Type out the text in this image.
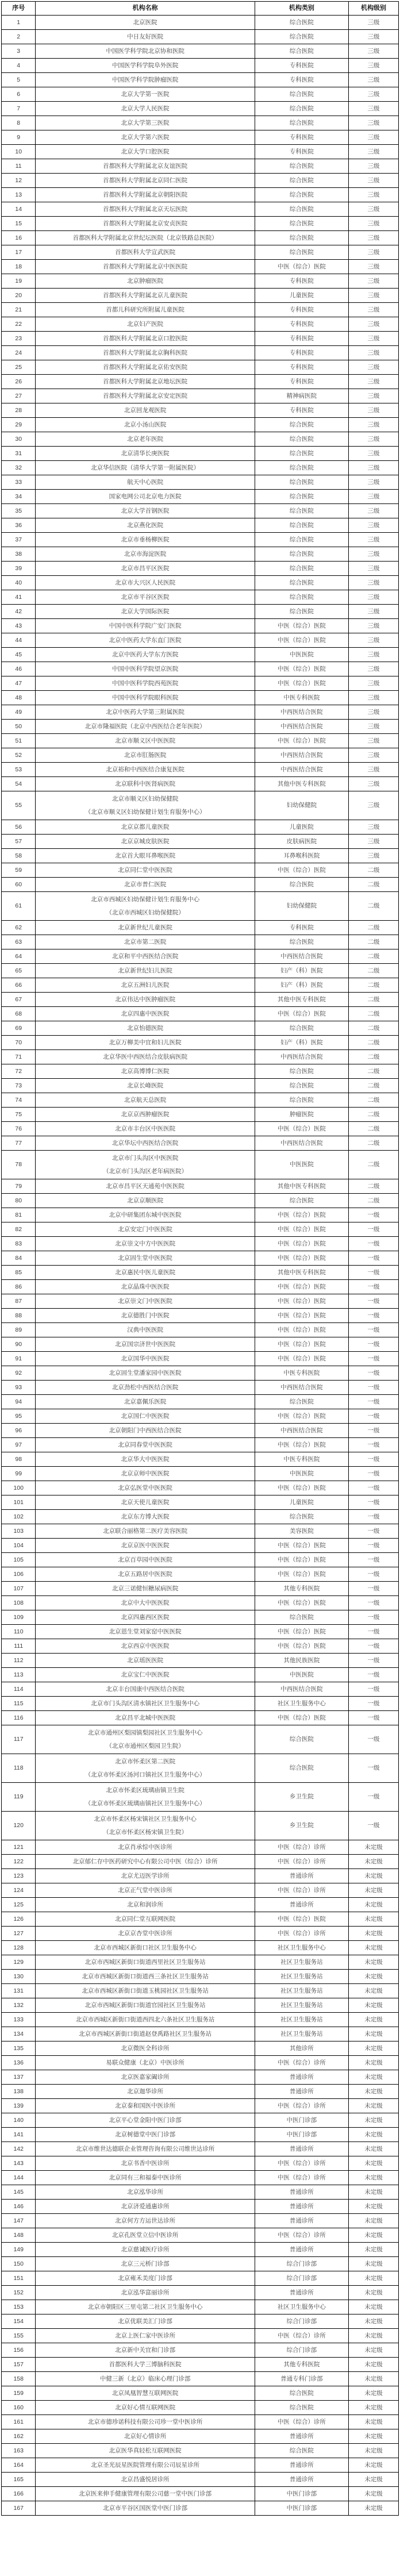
序号	机构名称	机构类别	机构级别
1	北京医院	综合医院	三级
2	中日友好医院	综合医院	三级
3	中国医学科学院北京协和医院	综合医院	三级
4	中国医学科学院阜外医院	专科医院	三级
5	中国医学科学院肿瘤医院	专科医院	三级
6	北京大学第一医院	综合医院	三级
7	北京大学人民医院	综合医院	三级
8	北京大学第三医院	综合医院	三级
9	北京大学第六医院	专科医院	三级
10	北京大学口腔医院	专科医院	三级
11	首都医科大学附属北京友谊医院	综合医院	三级
12	首都医科大学附属北京同仁医院	综合医院	三级
13	首都医科大学附属北京朝阳医院	综合医院	三级
14	首都医科大学附属北京天坛医院	综合医院	三级
15	首都医科大学附属北京安贞医院	综合医院	三级
16	首都医科大学附属北京世纪坛医院（北京铁路总医院）	综合医院	三级
17	首都医科大学宣武医院	综合医院	三级
18	首都医科大学附属北京中医医院	中医（综合）医院	三级
19	北京肿瘤医院	专科医院	三级
20	首都医科大学附属北京儿童医院	儿童医院	三级
21	首都儿科研究所附属儿童医院	专科医院	三级
22	北京妇产医院	专科医院	三级
23	首都医科大学附属北京口腔医院	专科医院	三级
24	首都医科大学附属北京胸科医院	专科医院	三级
25	首都医科大学附属北京佑安医院	专科医院	三级
26	首都医科大学附属北京地坛医院	专科医院	三级
27	首都医科大学附属北京安定医院	精神病医院	三级
28	北京回龙观医院	专科医院	三级
29	北京小汤山医院	综合医院	三级
30	北京老年医院	综合医院	三级
31	北京清华长庚医院	综合医院	三级
32	北京华信医院（清华大学第一附属医院）	综合医院	三级
33	航天中心医院	综合医院	三级
34	国家电网公司北京电力医院	综合医院	三级
35	北京大学首钢医院	综合医院	三级
36	北京燕化医院	综合医院	三级
37	北京市垂杨柳医院	综合医院	三级
38	北京市海淀医院	综合医院	三级
39	北京市昌平区医院	综合医院	三级
40	北京市大兴区人民医院	综合医院	三级
41	北京市平谷区医院	综合医院	三级
42	北京大学国际医院	综合医院	三级
43	中国中医科学院广安门医院	中医（综合）医院	三级
44	北京中医药大学东直门医院	中医（综合）医院	三级
45	北京中医药大学东方医院	中医医院	三级
46	中国中医科学院望京医院	中医（综合）医院	三级
47	中国中医科学院西苑医院	中医（综合）医院	三级
48	中国中医科学院眼科医院	中医专科医院	三级
49	北京中医药大学第三附属医院	中西医结合医院	三级
50	北京市隆福医院（北京中西医结合老年医院）	中西医结合医院	三级
51	北京市顺义区中医医院	中医（综合）医院	三级
52	北京市肛肠医院	中西医结合医院	三级
53	北京裕和中西医结合康复医院	中西医结合医院	三级
54	北京联科中医肾病医院	其他中医专科医院	三级
55	北京市顺义区妇幼保健院
（北京市顺义区妇幼保健计划生育服务中心）	妇幼保健院	三级
56	北京京都儿童医院	儿童医院	三级
57	北京京城皮肤医院	皮肤病医院	三级
58	北京首大眼耳鼻喉医院	耳鼻喉科医院	三级
59	北京同仁堂中医医院	中医（综合）医院	二级
60	北京市普仁医院	综合医院	二级
61	北京市西城区妇幼保健计划生育服务中心
（北京市西城区妇幼保健院）	妇幼保健院	二级
62	北京新世纪儿童医院	专科医院	二级
63	北京市第二医院	综合医院	二级
64	北京和平中西医结合医院	中西医结合医院	二级
65	北京新世纪妇儿医院	妇产（科）医院	二级
66	北京五洲妇儿医院	妇产（科）医院	二级
67	北京伟达中医肿瘤医院	其他中医专科医院	二级
68	北京四惠中医医院	中医（综合）医院	二级
69	北京怡德医院	综合医院	二级
70	北京万柳美中宜和妇儿医院	妇产（科）医院	二级
71	北京华医中西医结合皮肤病医院	中西医结合医院	二级
72	北京高博博仁医院	综合医院	二级
73	北京长峰医院	综合医院	二级
74	北京航天总医院	综合医院	二级
75	北京京西肿瘤医院	肿瘤医院	二级
76	北京市丰台区中医医院	中医（综合）医院	二级
77	北京华坛中西医结合医院	中西医结合医院	二级
78	北京市门头沟区中医医院
（北京市门头沟区老年病医院）	中医医院	二级
79	北京市昌平区天通苑中医医院	其他中医专科医院	二级
80	北京京顺医院	综合医院	二级
81	北京中研集团东城中医医院	中医（综合）医院	一级
82	北京安定门中医医院	中医（综合）医院	一级
83	北京崇文中方中医医院	中医（综合）医院	一级
84	北京固生堂中医医院	中医（综合）医院	一级
85	北京惠民中医儿童医院	其他中医专科医院	一级
86	北京晶珠中医医院	中医（综合）医院	一级
87	北京崇文门中医医院	中医（综合）医院	一级
88	北京德胜门中医院	中医（综合）医院	一级
89	汉典中医医院	中医（综合）医院	一级
90	北京国宗济世中医医院	中医（综合）医院	一级
91	北京国华中医医院	中医（综合）医院	一级
92	北京固生堂潘家园中医医院	中医专科医院	一级
93	北京劲松中西医结合医院	中西医结合医院	一级
94	北京嘉佩乐医院	综合医院	一级
95	北京国仁中医医院	中医（综合）医院	一级
96	北京朝阳门中西医结合医院	中西医结合医院	一级
97	北京同春堂中医医院	中医（综合）医院	一级
98	北京华大中医医院	中医专科医院	一级
99	北京京师中医医院	中医医院	一级
100	北京弘医堂中医医院	中医（综合）医院	一级
101	北京天使儿童医院	儿童医院	一级
102	北京东方博大医院	综合医院	一级
103	北京联合丽格第二医疗美容医院	美容医院	一级
104	北京京医中医医院	中医（综合）医院	一级
105	北京百草园中医医院	中医（综合）医院	一级
106	北京五路居中医医院	中医（综合）医院	一级
107	北京三诺健恒糖尿病医院	其他专科医院	一级
108	北京中大中医医院	中医（综合）医院	一级
109	北京四惠西区医院	综合医院	一级
110	北京恩生堂刘家窑中医医院	中医（综合）医院	一级
111	北京西京中医医院	中医（综合）医院	一级
112	北京瑶医医院	其他民族医院	一级
113	北京宝仁中医医院	中医医院	一级
114	北京丰台国康中西医结合医院	中西医结合医院	一级
115	北京市门头沟区清水镇社区卫生服务中心	社区卫生服务中心	一级
116	北京昌平北城中医医院	中医（综合）医院	一级
117	北京市通州区梨园镇梨园社区卫生服务中心
（北京市通州区梨园卫生院）	综合医院	一级
118	北京市怀柔区第二医院
（北京市怀柔区汤河口镇社区卫生服务中心）	综合医院	一级
119	北京市怀柔区琉璃庙镇卫生院
（北京市怀柔区琉璃庙镇社区卫生服务中心）	乡卫生院	一级
120	北京市怀柔区杨宋镇社区卫生服务中心
（北京市怀柔区杨宋镇卫生院）	乡卫生院	一级
121	北京肖承悰中医诊所	中医（综合）诊所	未定级
122	北京郁仁存中医药研究中心有限公司中医（综合）诊所	中医（综合）诊所	未定级
123	北京尤迈医学诊所	普通诊所	未定级
124	北京正气堂中医诊所	中医（综合）诊所	未定级
125	北京和润诊所	普通诊所	未定级
126	北京同仁堂互联网医院	中医（综合）医院	未定级
127	北京京杏堂中医诊所	中医（综合）诊所	未定级
128	北京市西城区新街口社区卫生服务中心	社区卫生服务中心	未定级
129	北京市西城区新街口街道西里社区卫生服务站	社区卫生服务站	未定级
130	北京市西城区新街口街道西三条社区卫生服务站	社区卫生服务站	未定级
131	北京市西城区新街口街道玉桃园社区卫生服务站	社区卫生服务站	未定级
132	北京市西城区新街口街道官园社区卫生服务站	社区卫生服务站	未定级
133	北京市西城区新街口街道西四北六条社区卫生服务站	社区卫生服务站	未定级
134	北京市西城区新街口街道赵登禹路社区卫生服务站	社区卫生服务站	未定级
135	北京微医全科诊所	其他诊所	未定级
136	易联众健康（北京）中医诊所	中医（综合）诊所	未定级
137	北京医嘉家阖诊所	普通诊所	未定级
138	北京迦华诊所	普通诊所	未定级
139	北京泰和国医中医诊所	中医（综合）诊所	未定级
140	北京平心堂金阳中医门诊部	中医门诊部	未定级
141	北京树德堂中医门诊部	中医门诊部	未定级
142	北京市维世达德联企业管理咨询有限公司维世达诊所	普通诊所	未定级
143	北京书香中医诊所	中医（综合）诊所	未定级
144	北京同有三和福泰中医诊所	中医（综合）诊所	未定级
145	北京泓华诊所	普通诊所	未定级
146	北京济爱通惠诊所	普通诊所	未定级
147	北京何方方运世达诊所	普通诊所	未定级
148	北京孔医堂立信中医诊所	中医（综合）诊所	未定级
149	北京慈诚医疗诊所	普通诊所	未定级
150	北京三元桥门诊部	综合门诊部	未定级
151	北京雍禾美度门诊部	综合门诊部	未定级
152	北京泓华富丽诊所	普通诊所	未定级
153	北京市朝阳区三里屯第二社区卫生服务中心	社区卫生服务中心	未定级
154	北京优联美汇门诊部	综合门诊部	未定级
155	北京上医仁家中医诊所	中医（综合）诊所	未定级
156	北京新中关宜和门诊部	综合门诊部	未定级
157	首都医科大学三博脑科医院	其他专科医院	未定级
158	中健三新（北京）临床心理门诊部	普通专科门诊部	未定级
159	北京凤凰智慧互联网医院	综合医院	未定级
160	北京好心情互联网医院	综合医院	未定级
161	北京市德珍诺科技有限公司珍一堂中医诊所	中医（综合）诊所	未定级
162	北京好心情诊所	普通诊所	未定级
163	北京医华真轻松互联网医院	综合医院	未定级
164	北京圣光辰星医院管理有限公司辰星诊所	普通诊所	未定级
165	北京昌盛悦居诊所	普通诊所	未定级
166	北京医来伸手健康管理有限公司慈一堂中医门诊部	中医门诊部	未定级
167	北京市平谷区国医堂中医门诊部	中医门诊部	未定级
